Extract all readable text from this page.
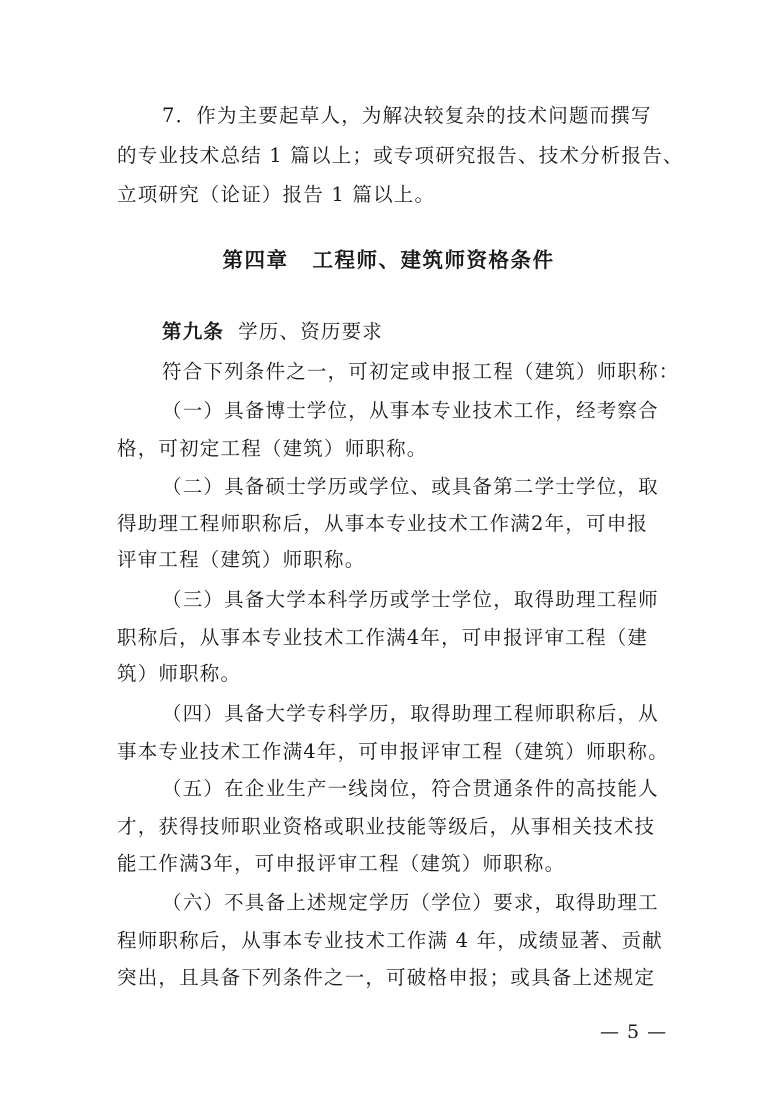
7．作为主要起草人，为解决较复杂的技术问题而撰写
的专业技术总结 1 篇以上；或专项研究报告、技术分析报告、
立项研究（论证）报告 1 篇以上。
第四章 工程师、建筑师资格条件
第九条 学历、资历要求
符合下列条件之一，可初定或申报工程（建筑）师职称：
（一）具备博士学位，从事本专业技术工作，经考察合
格，可初定工程（建筑）师职称。
（二）具备硕士学历或学位、或具备第二学士学位，取
得助理工程师职称后，从事本专业技术工作满2年，可申报
评审工程（建筑）师职称。
（三）具备大学本科学历或学士学位，取得助理工程师
职称后，从事本专业技术工作满4年，可申报评审工程（建
筑）师职称。
（四）具备大学专科学历，取得助理工程师职称后，从
事本专业技术工作满4年，可申报评审工程（建筑）师职称。
（五）在企业生产一线岗位，符合贯通条件的高技能人
才，获得技师职业资格或职业技能等级后，从事相关技术技
能工作满3年，可申报评审工程（建筑）师职称。
（六）不具备上述规定学历（学位）要求，取得助理工
程师职称后，从事本专业技术工作满 4 年，成绩显著、贡献
突出，且具备下列条件之一，可破格申报；或具备上述规定
— 5 —
